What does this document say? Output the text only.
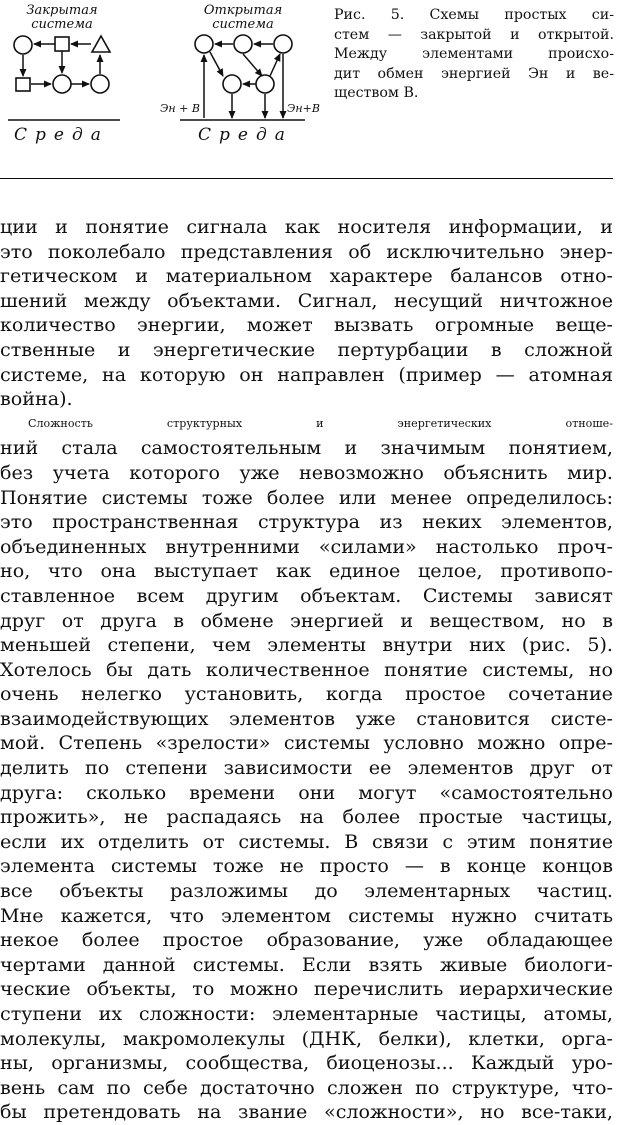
Закрытая
система
Среда
Открытая
система
Эн + В	Эн+В
Среда
Рис. 5. Схемы простых си-
стем — закрытой и открытой.
Между элементами происхо-
дит обмен энергией Эн и ве-
ществом В.
ции и понятие сигнала как носителя информации, и
это поколебало представления об исключительно энер-
гетическом и материальном характере балансов отно-
шений между объектами. Сигнал, несущий ничтожное
количество энергии, может вызвать огромные веще-
ственные и энергетические пертурбации в сложной
системе, на которую он направлен (пример — атомная
война).
Сложность структурных и энергетических отноше-
ний стала самостоятельным и значимым понятием,
без учета которого уже невозможно объяснить мир.
Понятие системы тоже более или менее определилось:
это пространственная структура из неких элементов,
объединенных внутренними «силами» настолько проч-
но, что она выступает как единое целое, противопо-
ставленное всем другим объектам. Системы зависят
друг от друга в обмене энергией и веществом, но в
меньшей степени, чем элементы внутри них (рис. 5).
Хотелось бы дать количественное понятие системы, но
очень нелегко установить, когда простое сочетание
взаимодействующих элементов уже становится систе-
мой. Степень «зрелости» системы условно можно опре-
делить по степени зависимости ее элементов друг от
друга: сколько времени они могут «самостоятельно
прожить», не распадаясь на более простые частицы,
если их отделить от системы. В связи с этим понятие
элемента системы тоже не просто — в конце концов
все объекты разложимы до элементарных частиц.
Мне кажется, что элементом системы нужно считать
некое более простое образование, уже обладающее
чертами данной системы. Если взять живые биологи-
ческие объекты, то можно перечислить иерархические
ступени их сложности: элементарные частицы, атомы,
молекулы, макромолекулы (ДНК, белки), клетки, орга-
ны, организмы, сообщества, биоценозы... Каждый уро-
вень сам по себе достаточно сложен по структуре, что-
бы претендовать на звание «сложности», но все-таки,
